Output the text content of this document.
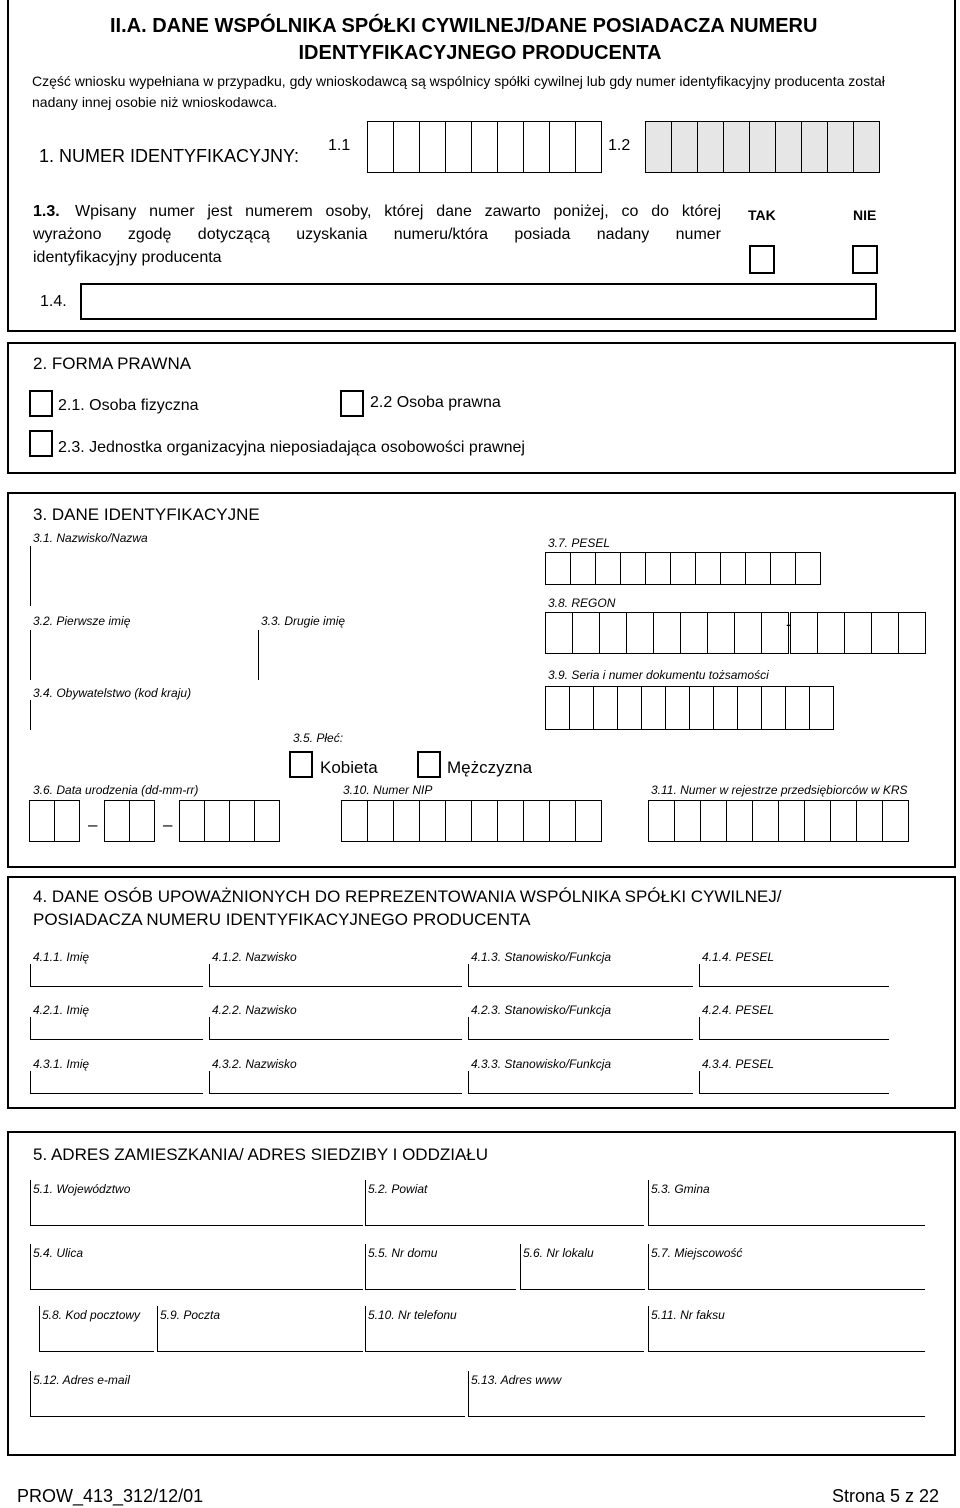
II.A. DANE WSPÓLNIKA SPÓŁKI CYWILNEJ/DANE POSIADACZA NUMERU
IDENTYFIKACYJNEGO PRODUCENTA
Część wniosku wypełniana w przypadku, gdy wnioskodawcą są wspólnicy spółki cywilnej lub gdy numer identyfikacyjny producenta został
nadany innej osobie niż wnioskodawca.
1. NUMER IDENTYFIKACYJNY:
1.1	1.2
1.3. Wpisany numer jest numerem osoby, której dane zawarto poniżej, co do której
wyrażono zgodę dotyczącą uzyskania numeru/która posiada nadany numer
identyfikacyjny producenta
TAK	NIE
1.4.
2. FORMA PRAWNA
2.1. Osoba fizyczna	2.2 Osoba prawna
2.3. Jednostka organizacyjna nieposiadająca osobowości prawnej
3. DANE IDENTYFIKACYJNE
3.1. Nazwisko/Nazwa
3.2. Pierwsze imię	3.3. Drugie imię
3.4. Obywatelstwo (kod kraju)
3.5. Płeć:
Kobieta	Mężczyzna
3.7. PESEL
3.8. REGON
-
3.9. Seria i numer dokumentu tożsamości
3.6. Data urodzenia (dd-mm-rr)
–	–
3.10. Numer NIP	3.11. Numer w rejestrze przedsiębiorców w KRS
4. DANE OSÓB UPOWAŻNIONYCH DO REPREZENTOWANIA WSPÓLNIKA SPÓŁKI CYWILNEJ/
POSIADACZA NUMERU IDENTYFIKACYJNEGO PRODUCENTA
4.1.1. Imię	4.1.2. Nazwisko	4.1.3. Stanowisko/Funkcja	4.1.4. PESEL
4.2.1. Imię	4.2.2. Nazwisko	4.2.3. Stanowisko/Funkcja	4.2.4. PESEL
4.3.1. Imię	4.3.2. Nazwisko	4.3.3. Stanowisko/Funkcja	4.3.4. PESEL
5. ADRES ZAMIESZKANIA/ ADRES SIEDZIBY I ODDZIAŁU
5.1. Województwo	5.2. Powiat	5.3. Gmina
5.4. Ulica	5.5. Nr domu	5.6. Nr lokalu	5.7. Miejscowość
5.8. Kod pocztowy 5.9. Poczta	5.10. Nr telefonu	5.11. Nr faksu
5.12. Adres e-mail	5.13. Adres www
PROW_413_312/12/01	Strona 5 z 22
